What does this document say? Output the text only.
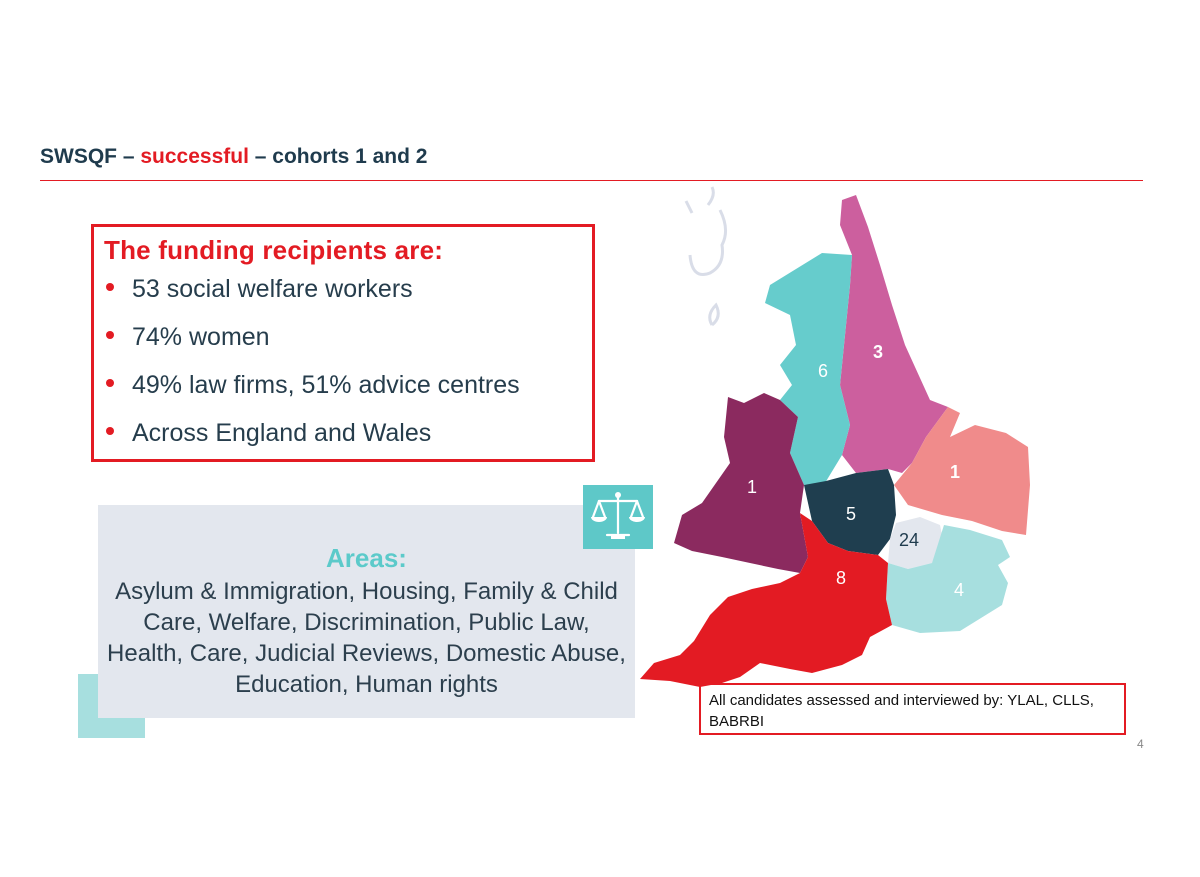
SWSQF – successful – cohorts 1 and 2
The funding recipients are:
53 social welfare workers
74% women
49% law firms, 51% advice centres
Across England and Wales
Areas:
Asylum & Immigration, Housing, Family & Child Care, Welfare, Discrimination, Public Law, Health, Care, Judicial Reviews, Domestic Abuse, Education, Human rights
3
6
1
1
5
24
8
4
All candidates assessed and interviewed by: YLAL, CLLS, BABRBI
4
